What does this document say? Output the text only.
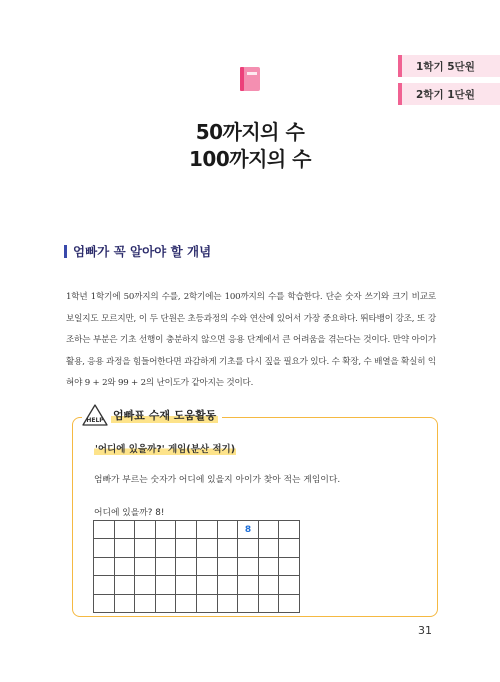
1학기 5단원
2학기 1단원
50까지의 수
100까지의 수
엄빠가 꼭 알아야 할 개념

1학년 1학기에 50까지의 수를, 2학기에는 100까지의 수를 학습한다. 단순 숫자 쓰기와 크기 비교로 보일지도 모르지만, 이 두 단원은 초등과정의 수와 연산에 있어서 가장 중요하다. 뛰타뱅이 강조, 또 강조하는 부분은 기초 선행이 충분하지 않으면 응용 단계에서 큰 어려움을 겪는다는 것이다. 만약 아이가 활용, 응용 과정을 힘들어한다면 과감하게 기초를 다시 짚을 필요가 있다. 수 확장, 수 배열을 확실히 익혀야 9 + 2와 99 + 2의 난이도가 같아지는 것이다.

HELP 엄빠표 수재 도움활동
'어디에 있을까?' 게임(분산 적기)
엄빠가 부르는 숫자가 어디에 있을지 아이가 찾아 적는 게임이다.
어디에 있을까? 8!
							8		

31
